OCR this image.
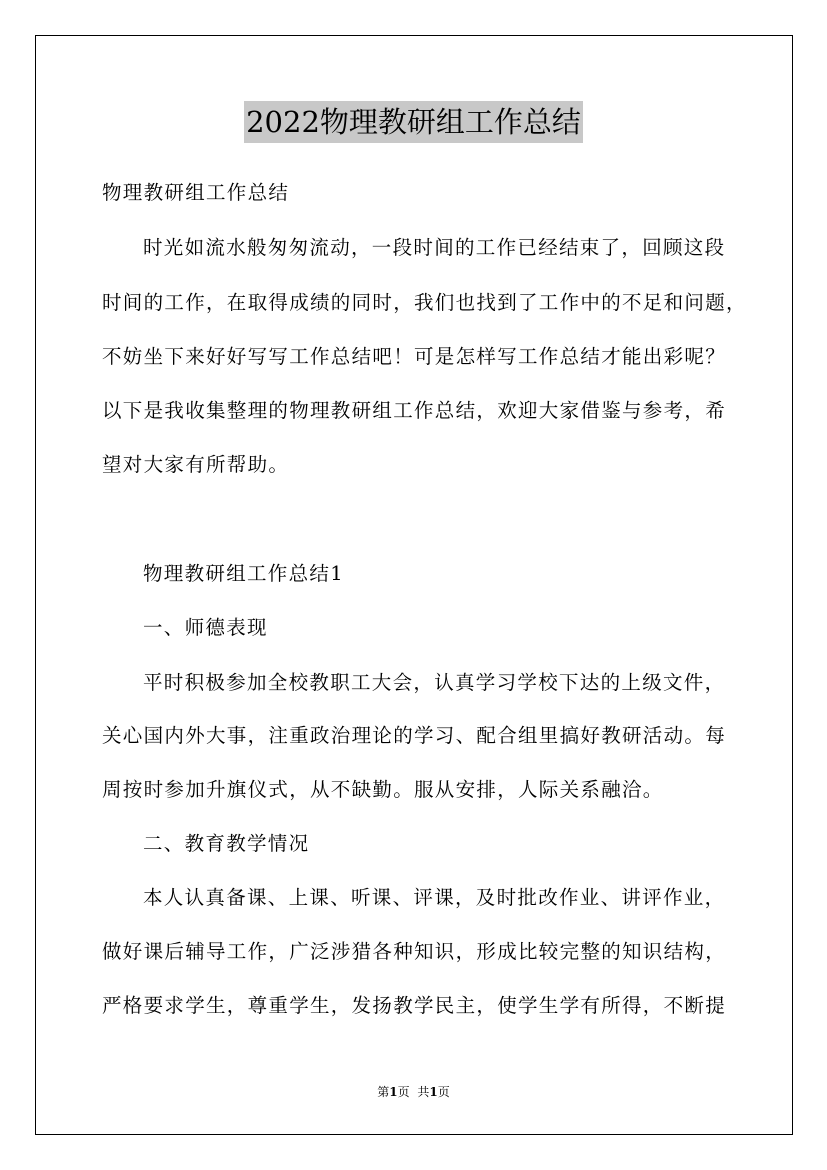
2022物理教研组工作总结
物理教研组工作总结
时光如流水般匆匆流动，一段时间的工作已经结束了，回顾这段
时间的工作，在取得成绩的同时，我们也找到了工作中的不足和问题，
不妨坐下来好好写写工作总结吧！可是怎样写工作总结才能出彩呢？
以下是我收集整理的物理教研组工作总结，欢迎大家借鉴与参考，希
望对大家有所帮助。
物理教研组工作总结1
一、师德表现
平时积极参加全校教职工大会，认真学习学校下达的上级文件，
关心国内外大事，注重政治理论的学习、配合组里搞好教研活动。每
周按时参加升旗仪式，从不缺勤。服从安排，人际关系融洽。
二、教育教学情况
本人认真备课、上课、听课、评课，及时批改作业、讲评作业，
做好课后辅导工作，广泛涉猎各种知识，形成比较完整的知识结构，
严格要求学生，尊重学生，发扬教学民主，使学生学有所得，不断提
第1页 共1页
